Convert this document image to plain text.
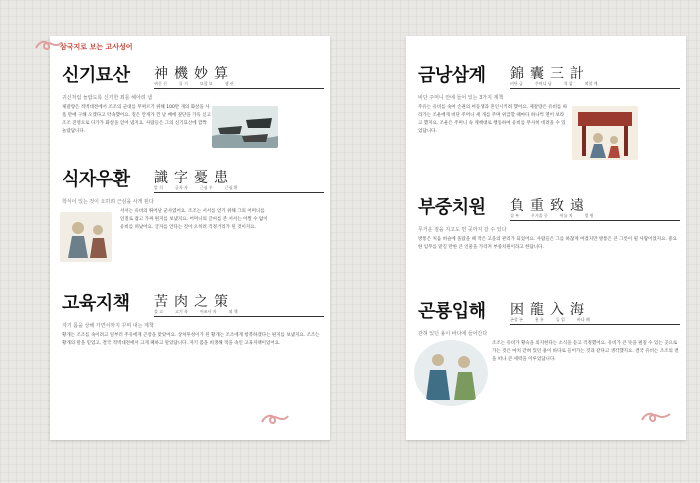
삼국지로 보는 고사성어
신기묘산 神機妙算
귀신처럼 놀랍도록 신기한 꾀를 헤아려 냄
제갈량은 적벽대전에서 조조의 군대를 무찌르기 위해 100만 개의 화살을 사흘 만에 구해 오겠다고 약속했어요. 짙은 안개가 낀 날 배에 짚단을 가득 싣고 조조 진영으로 다가가 화살을 얻어 냈지요. 사람들은 그의 신기묘산에 깜짝 놀랐답니다.
귀신 신	틀 기	묘할 묘	셈 산
식자우환 識字憂患
학식이 있는 것이 오히려 근심을 사게 된다
서서는 유비의 뛰어난 군사였어요. 조조는 서서를 얻기 위해 그의 어머니를 인질로 잡고 가짜 편지를 보냈지요. 어머니의 글씨를 본 서서는 어쩔 수 없이 유비를 떠났어요. 글자를 안다는 것이 오히려 걱정거리가 된 것이지요.
알 식	글자 자	근심 우	근심 환
고육지책 苦肉之策
자기 몸을 상해 가면서까지 꾸며 내는 계책
황개는 조조를 속이려고 일부러 주유에게 곤장을 맞았어요. 상처투성이가 된 황개는 조조에게 항복하겠다는 편지를 보냈지요. 조조는 황개의 말을 믿었고, 결국 적벽대전에서 크게 패하고 말았답니다. 자기 몸을 희생해 적을 속인 고육지책이었어요.
쓸 고	고기 육	어조사 지	꾀 책
금낭삼계 錦囊三計
비단 주머니 안에 들어 있는 3가지 계책
주유는 유비를 속여 손권의 여동생과 혼인시키려 했어요. 제갈량은 유비를 따라가는 조운에게 비단 주머니 세 개를 주며 위급할 때마다 하나씩 열어 보라고 했지요. 조운은 주머니 속 계책대로 행동하여 유비를 무사히 데려올 수 있었답니다.
비단 금	주머니 낭	석 삼	꾀할 계
부중치원 負重致遠
무거운 짐을 지고도 먼 곳까지 갈 수 있다
방통은 처음 벼슬에 올랐을 때 작은 고을의 관리가 되었어요. 사람들은 그를 하찮게 여겼지만 방통은 큰 그릇이 될 사람이었지요. 중요한 임무를 맡길 만한 큰 인물을 가리켜 부중치원이라고 한답니다.
질 부	무거울 중	이를 치	멀 원
곤룡입해 困龍入海
갇혀 있던 용이 바다에 들어간다
조조는 유비가 황숙을 의지한다는 소식을 듣고 걱정했어요. 유비가 큰 뜻을 펼칠 수 있는 곳으로 가는 것은 마치 갇혀 있던 용이 바다로 들어가는 것과 같다고 생각했지요. 결국 유비는 조조의 곁을 떠나 큰 세력을 이루었답니다.
곤할 곤	용 룡	들 입	바다 해
